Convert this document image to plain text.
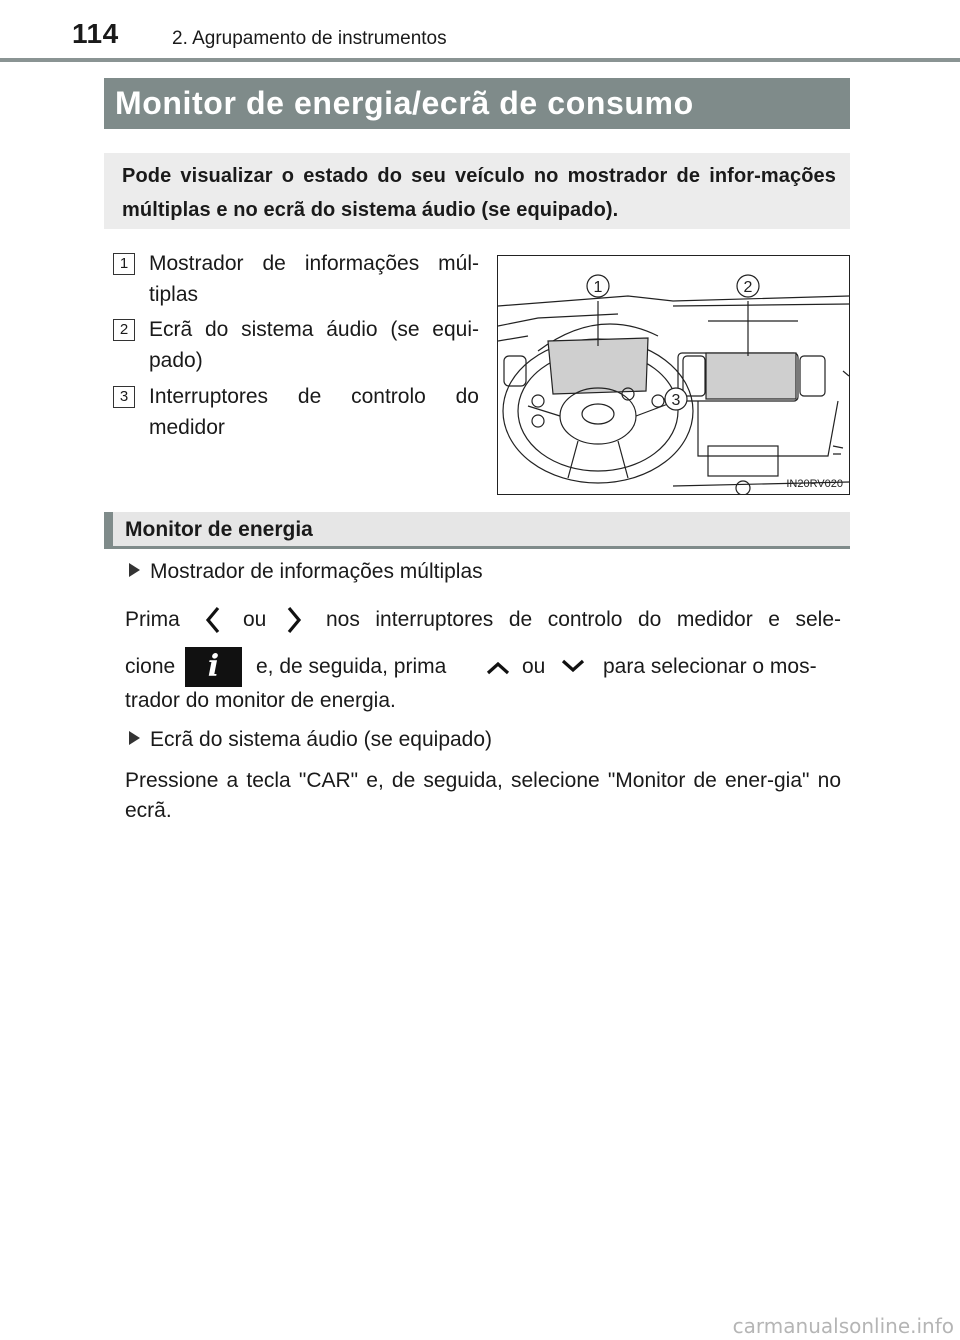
114	2. Agrupamento de instrumentos
Monitor de energia/ecrã de consumo
Pode visualizar o estado do seu veículo no mostrador de infor-mações múltiplas e no ecrã do sistema áudio (se equipado).
1 Mostrador de informações múl-tiplas
2 Ecrã do sistema áudio (se equi-pado)
3 Interruptores de controlo do medidor
1	2
3
IN20RV020
Monitor de energia
Mostrador de informações múltiplas
Prima	ou	nos interruptores de controlo do medidor e sele-
cione	i	e, de seguida, prima	ou	para selecionar o mos-
trador do monitor de energia.
Ecrã do sistema áudio (se equipado)
Pressione a tecla "CAR" e, de seguida, selecione "Monitor de ener-gia" no ecrã.
carmanualsonline.info
